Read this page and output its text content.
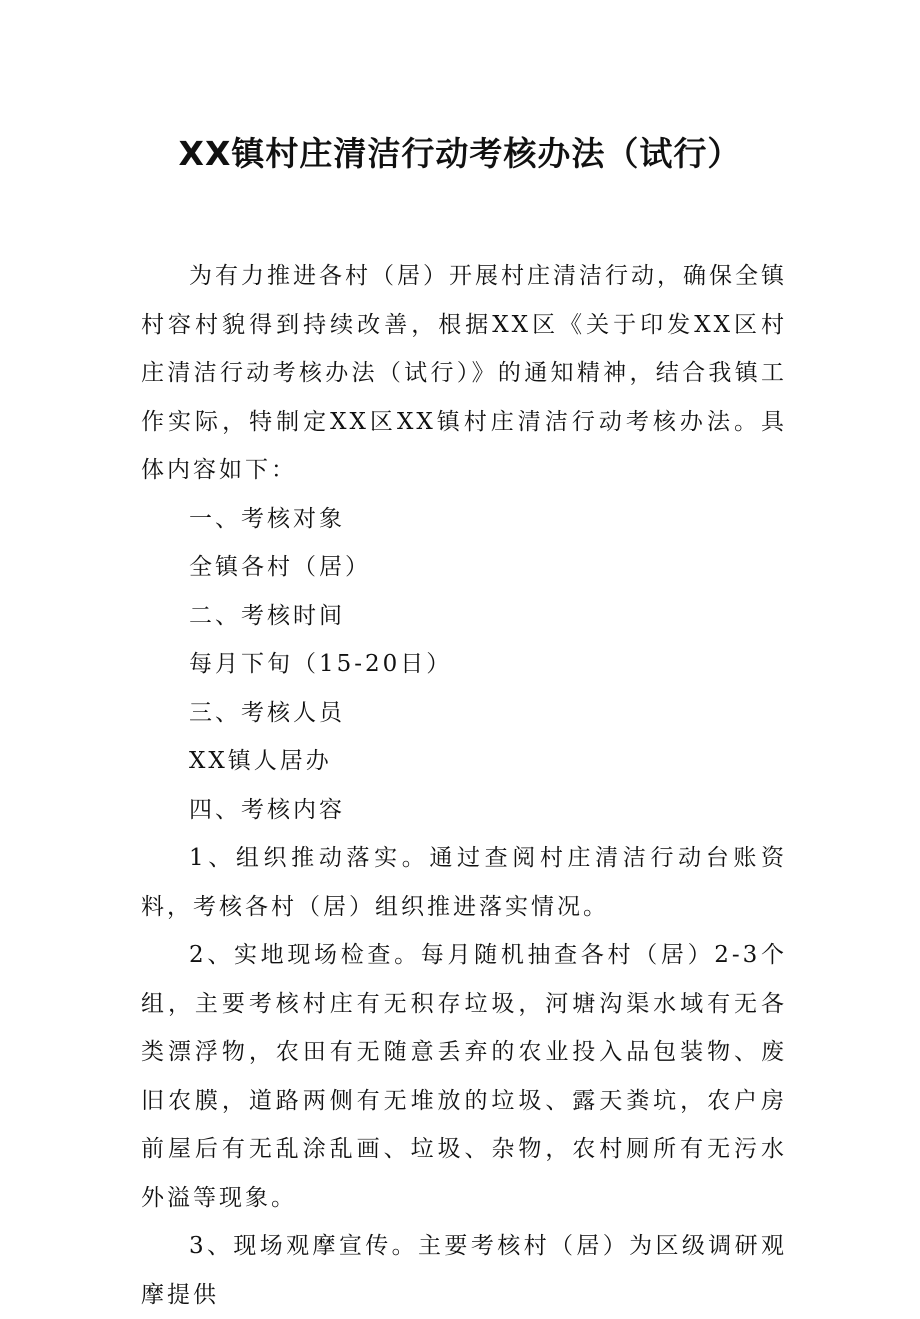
XX镇村庄清洁行动考核办法（试行）

为有力推进各村（居）开展村庄清洁行动，确保全镇村容村貌得到持续改善，根据XX区《关于印发XX区村庄清洁行动考核办法（试行）》的通知精神，结合我镇工作实际，特制定XX区XX镇村庄清洁行动考核办法。具体内容如下：

一、考核对象

全镇各村（居）

二、考核时间

每月下旬（15-20日）

三、考核人员

XX镇人居办

四、考核内容

1、组织推动落实。通过查阅村庄清洁行动台账资料，考核各村（居）组织推进落实情况。

2、实地现场检查。每月随机抽查各村（居）2-3个组，主要考核村庄有无积存垃圾，河塘沟渠水域有无各类漂浮物，农田有无随意丢弃的农业投入品包装物、废旧农膜，道路两侧有无堆放的垃圾、露天粪坑，农户房前屋后有无乱涂乱画、垃圾、杂物，农村厕所有无污水外溢等现象。

3、现场观摩宣传。主要考核村（居）为区级调研观摩提供
